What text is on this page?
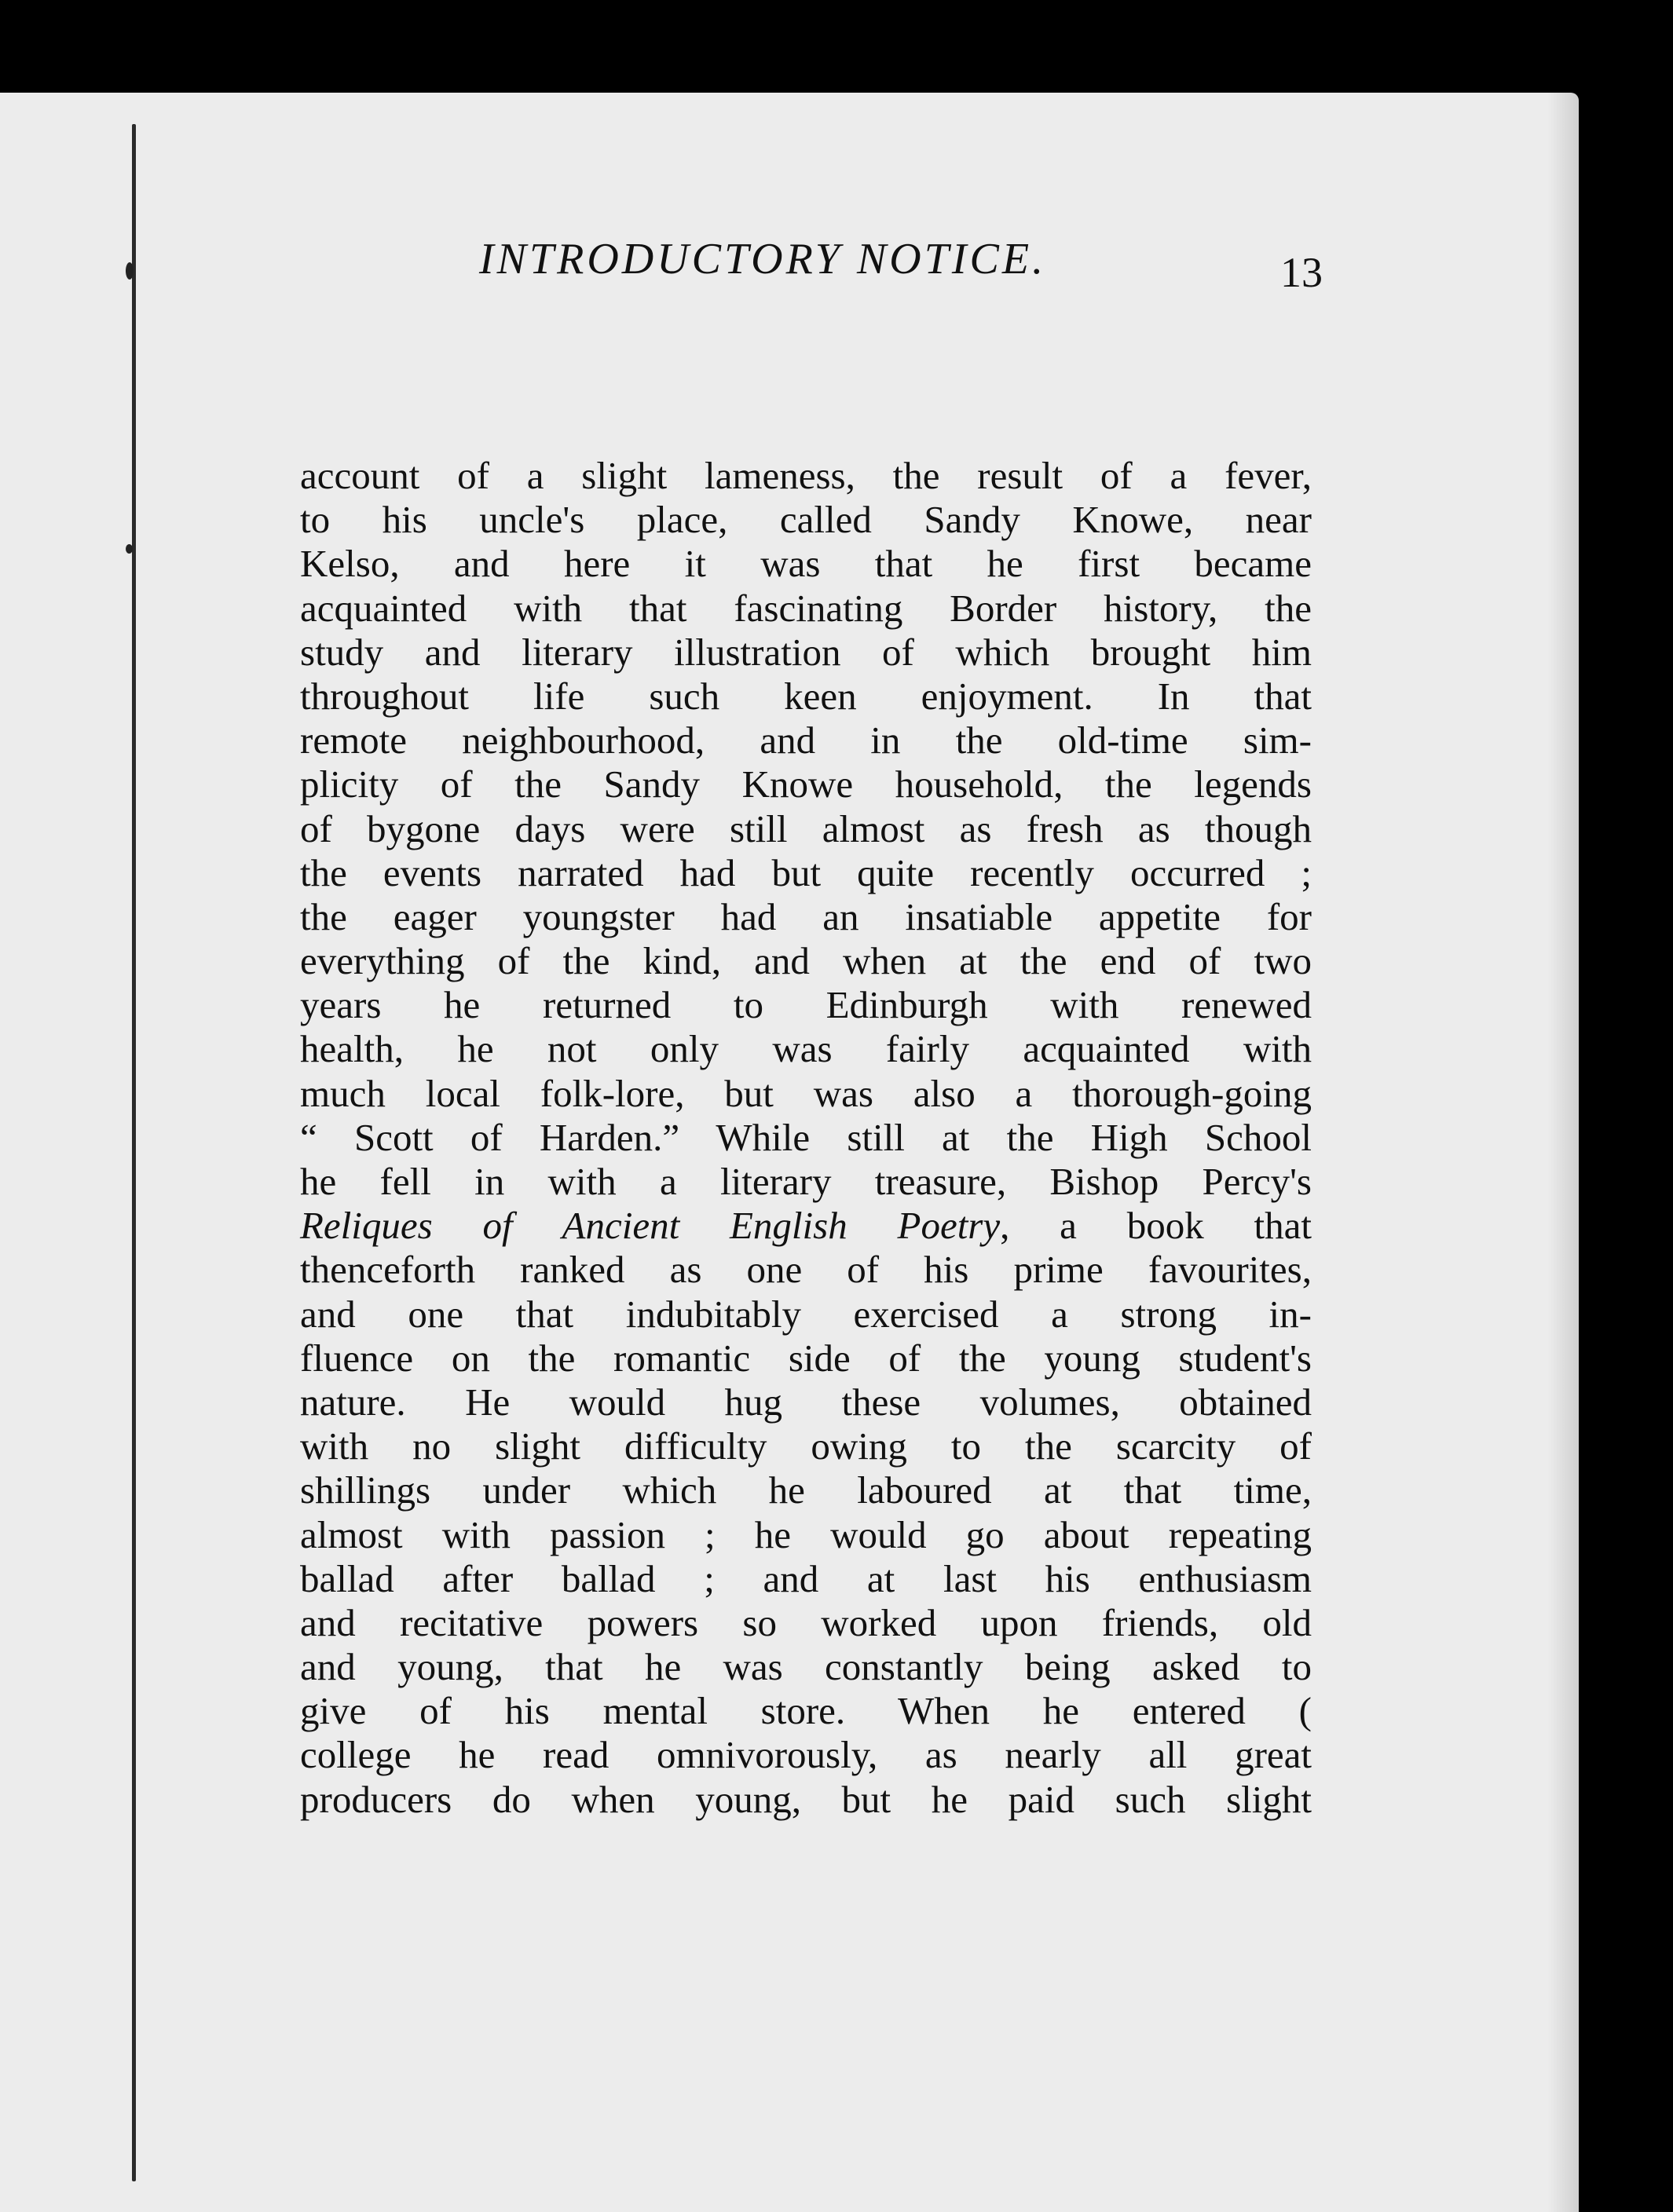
INTRODUCTORY NOTICE.	13
account of a slight lameness, the result of a fever,
to his uncle's place, called Sandy Knowe, near
Kelso, and here it was that he first became
acquainted with that fascinating Border history, the
study and literary illustration of which brought him
throughout life such keen enjoyment. In that
remote neighbourhood, and in the old-time sim-
plicity of the Sandy Knowe household, the legends
of bygone days were still almost as fresh as though
the events narrated had but quite recently occurred ;
the eager youngster had an insatiable appetite for
everything of the kind, and when at the end of two
years he returned to Edinburgh with renewed
health, he not only was fairly acquainted with
much local folk-lore, but was also a thorough-going
“ Scott of Harden.” While still at the High School
he fell in with a literary treasure, Bishop Percy's
Reliques of Ancient English Poetry, a book that
thenceforth ranked as one of his prime favourites,
and one that indubitably exercised a strong in-
fluence on the romantic side of the young student's
nature. He would hug these volumes, obtained
with no slight difficulty owing to the scarcity of
shillings under which he laboured at that time,
almost with passion ; he would go about repeating
ballad after ballad ; and at last his enthusiasm
and recitative powers so worked upon friends, old
and young, that he was constantly being asked to
give of his mental store. When he entered (
college he read omnivorously, as nearly all great
producers do when young, but he paid such slight
